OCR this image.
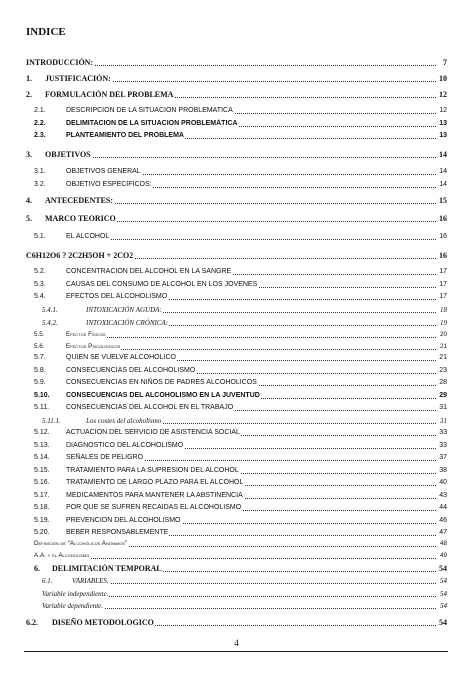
INDICE
INTRODUCCIÓN:	7
1. JUSTIFICACIÓN:	10
2. FORMULACIÓN DEL PROBLEMA	12
2.1.	DESCRIPCION DE LA SITUACION PROBLEMATICA	12
2.2.	DELIMITACION DE LA SITUACION PROBLEMÁTICA	13
2.3.	PLANTEAMIENTO DEL PROBLEMA	13
3. OBJETIVOS	14
3.1.	OBJETIVOS GENERAL	14
3.2.	OBJETIVO ESPECÍFICOS:	14
4. ANTECEDENTES:	15
5. MARCO TEORICO	16
5.1.	EL ALCOHOL	16
C6H12O6 ? 2C2H5OH + 2CO2	16
5.2.	CONCENTRACIÓN DEL ALCOHOL EN LA SANGRE	17
5.3.	CAUSAS DEL CONSUMO DE ALCOHOL EN LOS JOVENES	17
5.4.	EFECTOS DEL ALCOHOLISMO	17
5.4.1.	INTOXICACIÓN AGUDA:	18
5.4.2.	INTOXICACIÓN CRÓNICA:	19
5.5.	Efectos Físicos	20
5.6.	Efectos Psicológicos	21
5.7.	QUIEN SE VUELVE ALCOHOLICO	21
5.8.	CONSECUENCIAS DEL ALCOHOLISMO	23
5.9.	CONSECUENCIAS EN NIÑOS DE PADRES ALCOHOLICOS	28
5.10. CONSECUENCIAS DEL ALCOHOLISMO EN LA JUVENTUD	29
5.11. CONSECUENCIAS DEL ALCOHOL EN EL TRABAJO	31
5.11.1.	Los costes del alcoholismo	31
5.12. ACTUACIÓN DEL SERVICIO DE ASISTENCIA SOCIAL	33
5.13. DIAGNOSTICO DEL ALCOHOLISMO	33
5.14. SEÑALES DE PELIGRO	37
5.15. TRATAMIENTO PARA LA SUPRESION DEL ALCOHOL	38
5.16. TRATAMIENTO DE LARGO PLAZO PARA EL ALCOHOL	40
5.17. MEDICAMENTOS PARA MANTENER LA ABSTINENCIA	43
5.18. POR QUE SE SUFREN RECAIDAS EL ALCOHOLISMO	44
5.19. PREVENCION DEL ALCOHOLISMO	46
5.20. BEBER RESPONSABLEMENTE	47
Definición de “Alcohólicos Anónimos”	48
A.A. y el Alcoholismo	49
6. DELIMITACIÓN TEMPORAL	54
6.1.	VARIABLES.	54
Variable independiente.	54
Variable dependiente.	54
6.2. DISEÑO METODOLOGICO	54
4
